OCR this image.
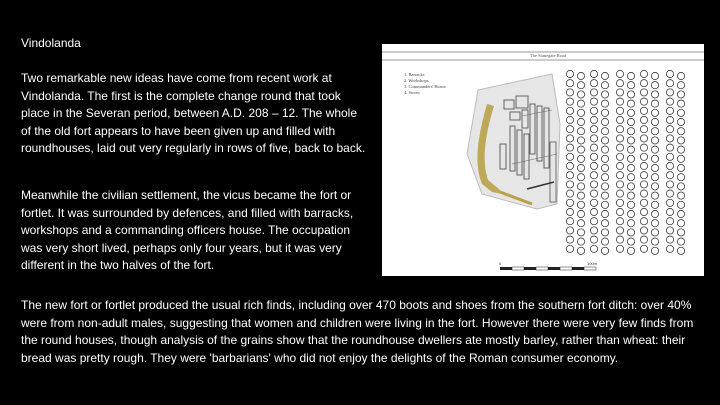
Vindolanda
Two remarkable new ideas have come from recent work at Vindolanda. The first is the complete change round that took place in the Severan period, between A.D. 208 – 12. The whole of the old fort appears to have been given up and filled with roundhouses, laid out very regularly in rows of five, back to back.
Meanwhile the civilian settlement, the vicus became the fort or fortlet. It was surrounded by defences, and filled with barracks, workshops and a commanding officers house. The occupation was very short lived, perhaps only four years, but it was very different in the two halves of the fort.
The new fort or fortlet produced the usual rich finds, including over 470 boots and shoes from the southern fort ditch: over 40% were from non-adult males, suggesting that women and children were living in the fort. However there were very few finds from the round houses, though analysis of the grains show that the roundhouse dwellers ate mostly barley, rather than wheat: their bread was pretty rough. They were 'barbarians' who did not enjoy the delights of the Roman consumer economy.
The Stanegate Road
1. Barracks
2. Workshops
3. Commanders' House
4. Stores
0	100m
